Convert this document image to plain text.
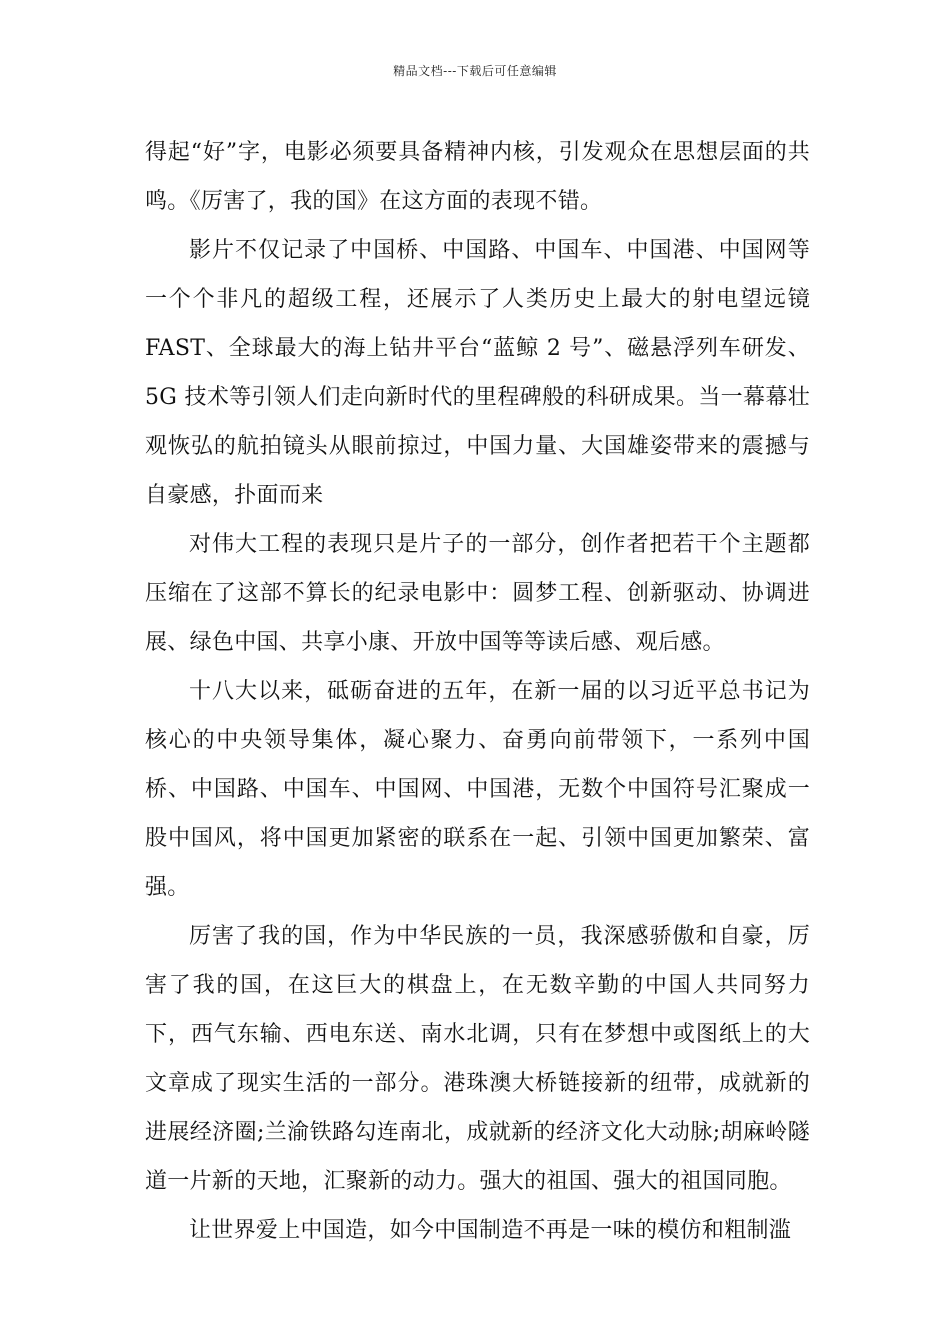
精品文档---下载后可任意编辑

得起“好”字，电影必须要具备精神内核，引发观众在思想层面的共鸣。《厉害了，我的国》在这方面的表现不错。

影片不仅记录了中国桥、中国路、中国车、中国港、中国网等一个个非凡的超级工程，还展示了人类历史上最大的射电望远镜FAST、全球最大的海上钻井平台“蓝鲸 2 号”、磁悬浮列车研发、5G 技术等引领人们走向新时代的里程碑般的科研成果。当一幕幕壮观恢弘的航拍镜头从眼前掠过，中国力量、大国雄姿带来的震撼与自豪感，扑面而来

对伟大工程的表现只是片子的一部分，创作者把若干个主题都压缩在了这部不算长的纪录电影中：圆梦工程、创新驱动、协调进展、绿色中国、共享小康、开放中国等等读后感、观后感。

十八大以来，砥砺奋进的五年，在新一届的以习近平总书记为核心的中央领导集体，凝心聚力、奋勇向前带领下，一系列中国桥、中国路、中国车、中国网、中国港，无数个中国符号汇聚成一股中国风，将中国更加紧密的联系在一起、引领中国更加繁荣、富强。

厉害了我的国，作为中华民族的一员，我深感骄傲和自豪，厉害了我的国，在这巨大的棋盘上，在无数辛勤的中国人共同努力下，西气东输、西电东送、南水北调，只有在梦想中或图纸上的大文章成了现实生活的一部分。港珠澳大桥链接新的纽带，成就新的进展经济圈;兰渝铁路勾连南北，成就新的经济文化大动脉;胡麻岭隧道一片新的天地，汇聚新的动力。强大的祖国、强大的祖国同胞。

让世界爱上中国造，如今中国制造不再是一味的模仿和粗制滥
